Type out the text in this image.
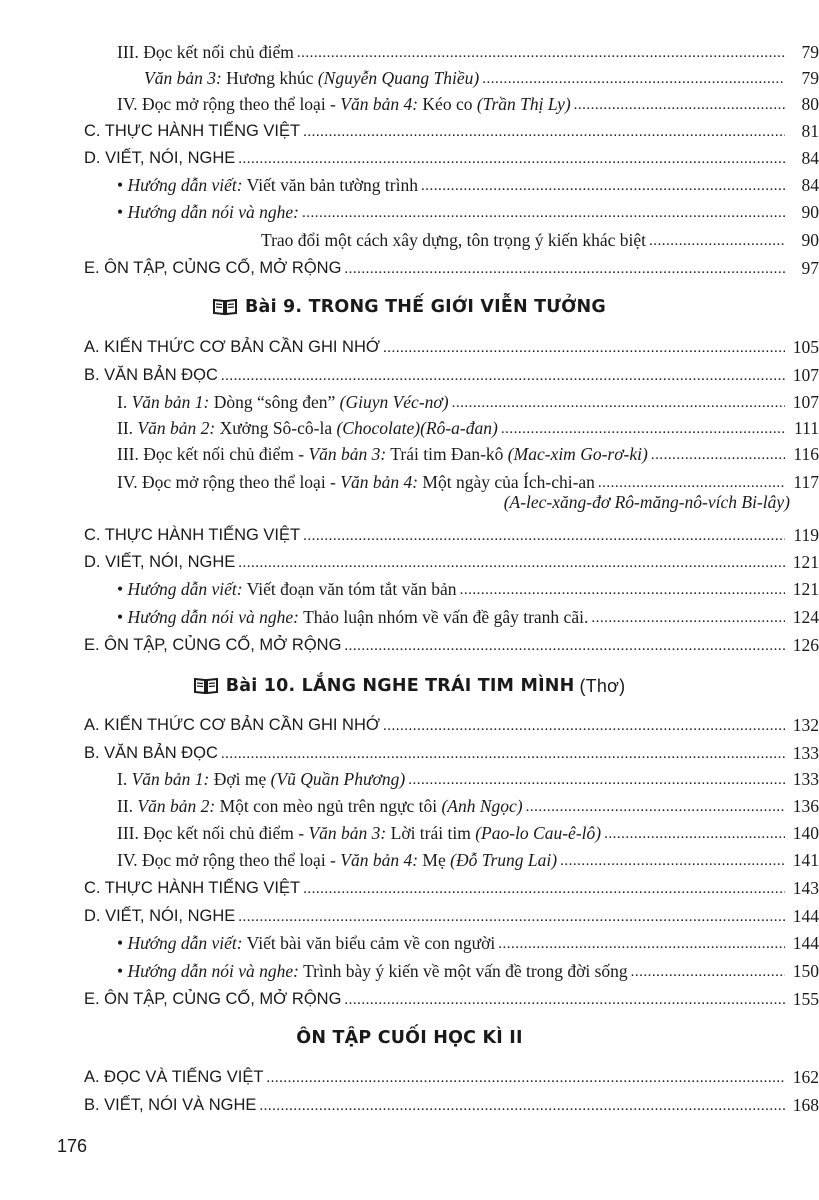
III. Đọc kết nối chủ điểm .....	79
Văn bản 3: Hương khúc (Nguyễn Quang Thiều) .....	79
IV. Đọc mở rộng theo thể loại - Văn bản 4: Kéo co (Trần Thị Ly) .....	80
C. THỰC HÀNH TIẾNG VIỆT .....	81
D. VIẾT, NÓI, NGHE .....	84
• Hướng dẫn viết: Viết văn bản tường trình .....	84
• Hướng dẫn nói và nghe: .....	90
Trao đổi một cách xây dựng, tôn trọng ý kiến khác biệt .....	90
E. ÔN TẬP, CỦNG CỐ, MỞ RỘNG .....	97
Bài 9. TRONG THẾ GIỚI VIỄN TƯỞNG
A. KIẾN THỨC CƠ BẢN CẦN GHI NHỚ .....	105
B. VĂN BẢN ĐỌC .....	107
I. Văn bản 1: Dòng “sông đen” (Giuyn Véc-nơ) .....	107
II. Văn bản 2: Xưởng Sô-cô-la (Chocolate)(Rô-a-đan) .....	111
III. Đọc kết nối chủ điểm - Văn bản 3: Trái tim Đan-kô (Mac-xim Go-rơ-ki) .....	116
IV. Đọc mở rộng theo thể loại - Văn bản 4: Một ngày của Ích-chi-an .....	117
(A-lec-xăng-đơ Rô-măng-nô-vích Bi-lây)
C. THỰC HÀNH TIẾNG VIỆT .....	119
D. VIẾT, NÓI, NGHE .....	121
• Hướng dẫn viết: Viết đoạn văn tóm tắt văn bản .....	121
• Hướng dẫn nói và nghe: Thảo luận nhóm về vấn đề gây tranh cãi. .....	124
E. ÔN TẬP, CỦNG CỐ, MỞ RỘNG .....	126
Bài 10. LẮNG NGHE TRÁI TIM MÌNH (Thơ)
A. KIẾN THỨC CƠ BẢN CẦN GHI NHỚ .....	132
B. VĂN BẢN ĐỌC .....	133
I. Văn bản 1: Đợi mẹ (Vũ Quần Phương) .....	133
II. Văn bản 2: Một con mèo ngủ trên ngực tôi (Anh Ngọc) .....	136
III. Đọc kết nối chủ điểm - Văn bản 3: Lời trái tim (Pao-lo Cau-ê-lô) .....	140
IV. Đọc mở rộng theo thể loại - Văn bản 4: Mẹ (Đỗ Trung Lai) .....	141
C. THỰC HÀNH TIẾNG VIỆT .....	143
D. VIẾT, NÓI, NGHE .....	144
• Hướng dẫn viết: Viết bài văn biểu cảm về con người .....	144
• Hướng dẫn nói và nghe: Trình bày ý kiến về một vấn đề trong đời sống .....	150
E. ÔN TẬP, CỦNG CỐ, MỞ RỘNG .....	155
ÔN TẬP CUỐI HỌC KÌ II
A. ĐỌC VÀ TIẾNG VIỆT .....	162
B. VIẾT, NÓI VÀ NGHE .....	168
176
